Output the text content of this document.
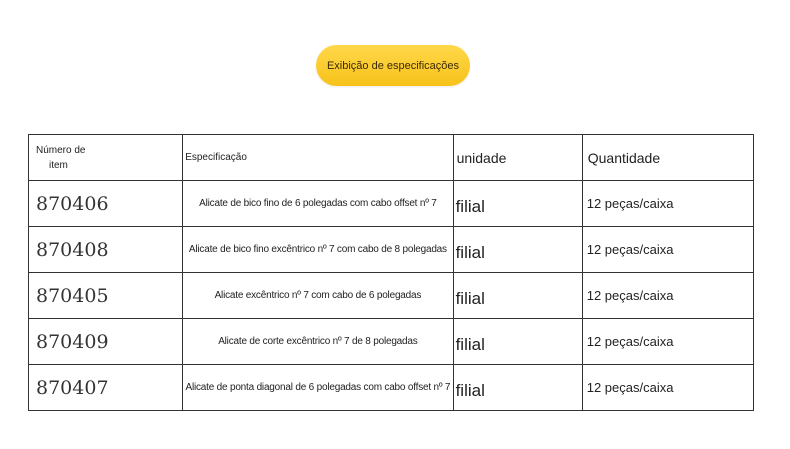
Exibição de especificações
Número de
item	Especificação	unidade	Quantidade
870406	Alicate de bico fino de 6 polegadas com cabo offset nº 7	filial	12 peças/caixa
870408	Alicate de bico fino excêntrico nº 7 com cabo de 8 polegadas	filial	12 peças/caixa
870405	Alicate excêntrico nº 7 com cabo de 6 polegadas	filial	12 peças/caixa
870409	Alicate de corte excêntrico nº 7 de 8 polegadas	filial	12 peças/caixa
870407	Alicate de ponta diagonal de 6 polegadas com cabo offset nº 7	filial	12 peças/caixa
